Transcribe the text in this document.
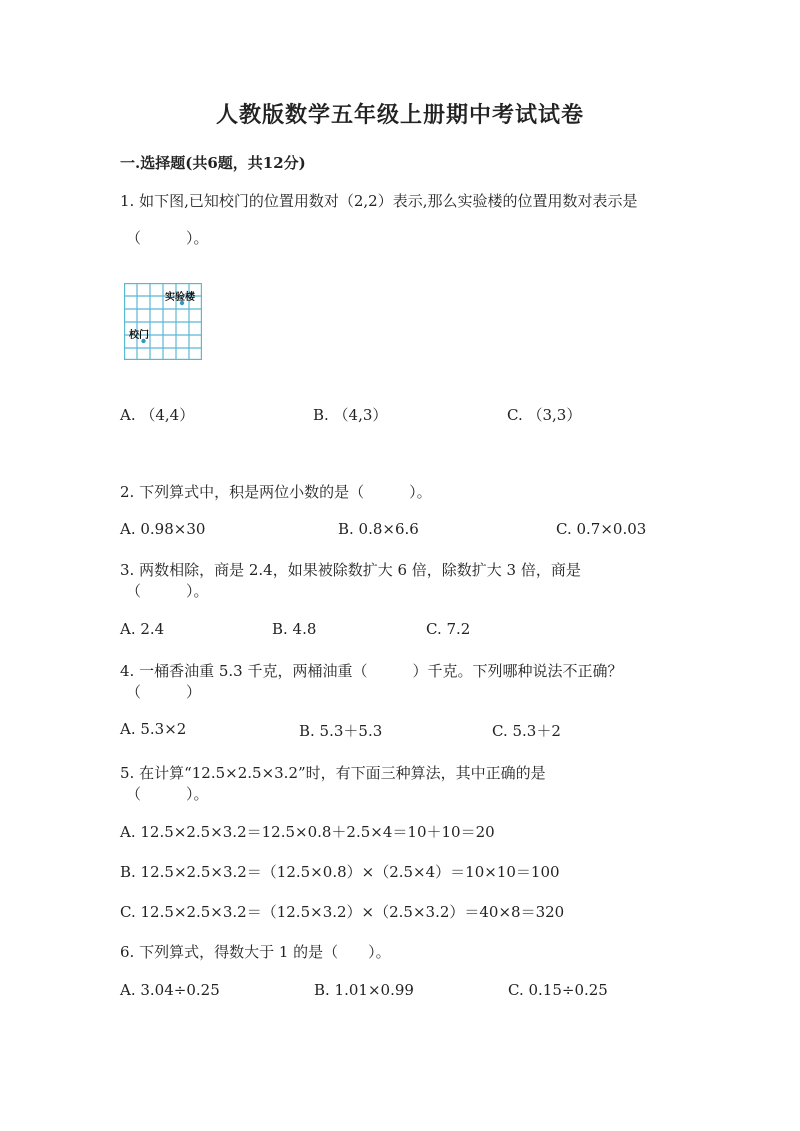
人教版数学五年级上册期中考试试卷
一.选择题(共6题，共12分)
1. 如下图,已知校门的位置用数对（2,2）表示,那么实验楼的位置用数对表示是
（　　　）。
实验楼
校门
A. （4,4）	B. （4,3）	C. （3,3）
2. 下列算式中，积是两位小数的是（　　　）。
A. 0.98×30	B. 0.8×6.6	C. 0.7×0.03
3. 两数相除，商是 2.4，如果被除数扩大 6 倍，除数扩大 3 倍，商是
（　　　）。
A. 2.4	B. 4.8	C. 7.2
4. 一桶香油重 5.3 千克，两桶油重（　　　）千克。下列哪种说法不正确？
（　　　）
A. 5.3×2	B. 5.3＋5.3	C. 5.3＋2
5. 在计算“12.5×2.5×3.2”时，有下面三种算法，其中正确的是
（　　　）。
A. 12.5×2.5×3.2＝12.5×0.8＋2.5×4＝10＋10＝20
B. 12.5×2.5×3.2＝（12.5×0.8）×（2.5×4）＝10×10＝100
C. 12.5×2.5×3.2＝（12.5×3.2）×（2.5×3.2）＝40×8＝320
6. 下列算式，得数大于 1 的是（　　）。
A. 3.04÷0.25	B. 1.01×0.99	C. 0.15÷0.25
